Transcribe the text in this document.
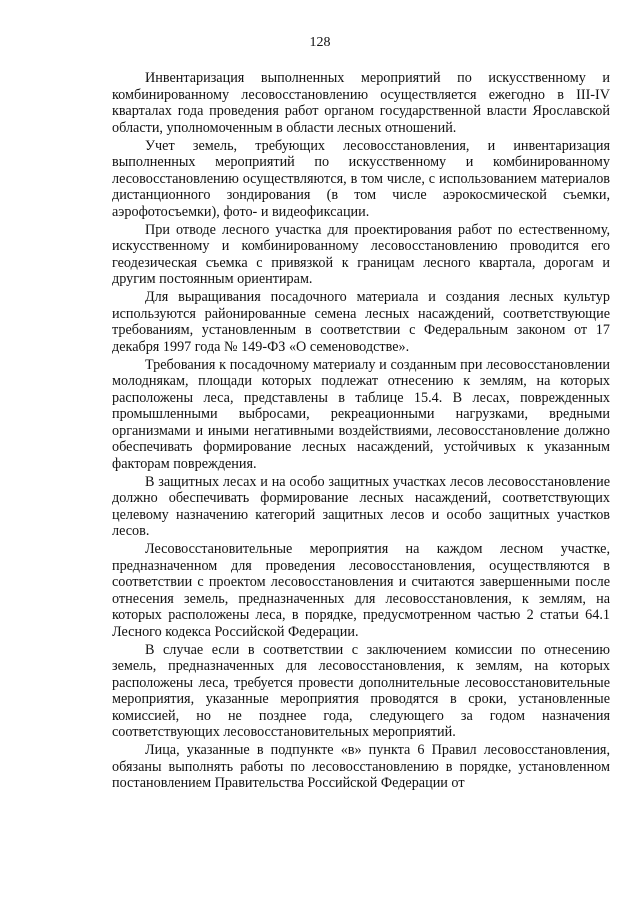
128

Инвентаризация выполненных мероприятий по искусственному и комбинированному лесовосстановлению осуществляется ежегодно в III-IV кварталах года проведения работ органом государственной власти Ярославской области, уполномоченным в области лесных отношений.

Учет земель, требующих лесовосстановления, и инвентаризация выполненных мероприятий по искусственному и комбинированному лесовосстановлению осуществляются, в том числе, с использованием материалов дистанционного зондирования (в том числе аэрокосмической съемки, аэрофотосъемки), фото- и видеофиксации.

При отводе лесного участка для проектирования работ по естественному, искусственному и комбинированному лесовосстановлению проводится его геодезическая съемка с привязкой к границам лесного квартала, дорогам и другим постоянным ориентирам.

Для выращивания посадочного материала и создания лесных культур используются районированные семена лесных насаждений, соответствующие требованиям, установленным в соответствии с Федеральным законом от 17 декабря 1997 года № 149-ФЗ «О семеноводстве».

Требования к посадочному материалу и созданным при лесовосстановлении молоднякам, площади которых подлежат отнесению к землям, на которых расположены леса, представлены в таблице 15.4. В лесах, поврежденных промышленными выбросами, рекреационными нагрузками, вредными организмами и иными негативными воздействиями, лесовосстановление должно обеспечивать формирование лесных насаждений, устойчивых к указанным факторам повреждения.

В защитных лесах и на особо защитных участках лесов лесовосстановление должно обеспечивать формирование лесных насаждений, соответствующих целевому назначению категорий защитных лесов и особо защитных участков лесов.

Лесовосстановительные мероприятия на каждом лесном участке, предназначенном для проведения лесовосстановления, осуществляются в соответствии с проектом лесовосстановления и считаются завершенными после отнесения земель, предназначенных для лесовосстановления, к землям, на которых расположены леса, в порядке, предусмотренном частью 2 статьи 64.1 Лесного кодекса Российской Федерации.

В случае если в соответствии с заключением комиссии по отнесению земель, предназначенных для лесовосстановления, к землям, на которых расположены леса, требуется провести дополнительные лесовосстановительные мероприятия, указанные мероприятия проводятся в сроки, установленные комиссией, но не позднее года, следующего за годом назначения соответствующих лесовосстановительных мероприятий.

Лица, указанные в подпункте «в» пункта 6 Правил лесовосстановления, обязаны выполнять работы по лесовосстановлению в порядке, установленном постановлением Правительства Российской Федерации от
